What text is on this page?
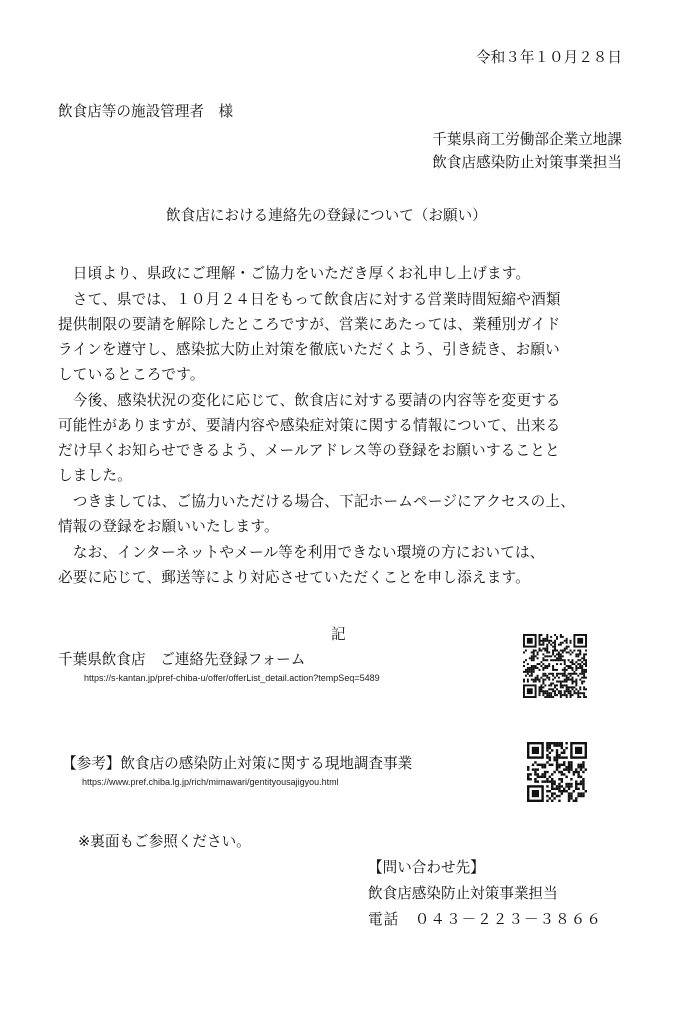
令和３年１０月２８日
飲食店等の施設管理者　様
千葉県商工労働部企業立地課
飲食店感染防止対策事業担当
飲食店における連絡先の登録について（お願い）
　日頃より、県政にご理解・ご協力をいただき厚くお礼申し上げます。
　さて、県では、１０月２４日をもって飲食店に対する営業時間短縮や酒類
提供制限の要請を解除したところですが、営業にあたっては、業種別ガイド
ラインを遵守し、感染拡大防止対策を徹底いただくよう、引き続き、お願い
しているところです。
　今後、感染状況の変化に応じて、飲食店に対する要請の内容等を変更する
可能性がありますが、要請内容や感染症対策に関する情報について、出来る
だけ早くお知らせできるよう、メールアドレス等の登録をお願いすることと
しました。
　つきましては、ご協力いただける場合、下記ホームページにアクセスの上、
情報の登録をお願いいたします。
　なお、インターネットやメール等を利用できない環境の方においては、
必要に応じて、郵送等により対応させていただくことを申し添えます。
記
千葉県飲食店　ご連絡先登録フォーム
https://s-kantan.jp/pref-chiba-u/offer/offerList_detail.action?tempSeq=5489
【参考】飲食店の感染防止対策に関する現地調査事業
https://www.pref.chiba.lg.jp/rich/mimawari/gentityousajigyou.html
※裏面もご参照ください。
【問い合わせ先】
飲食店感染防止対策事業担当
電話　０４３－２２３－３８６６
